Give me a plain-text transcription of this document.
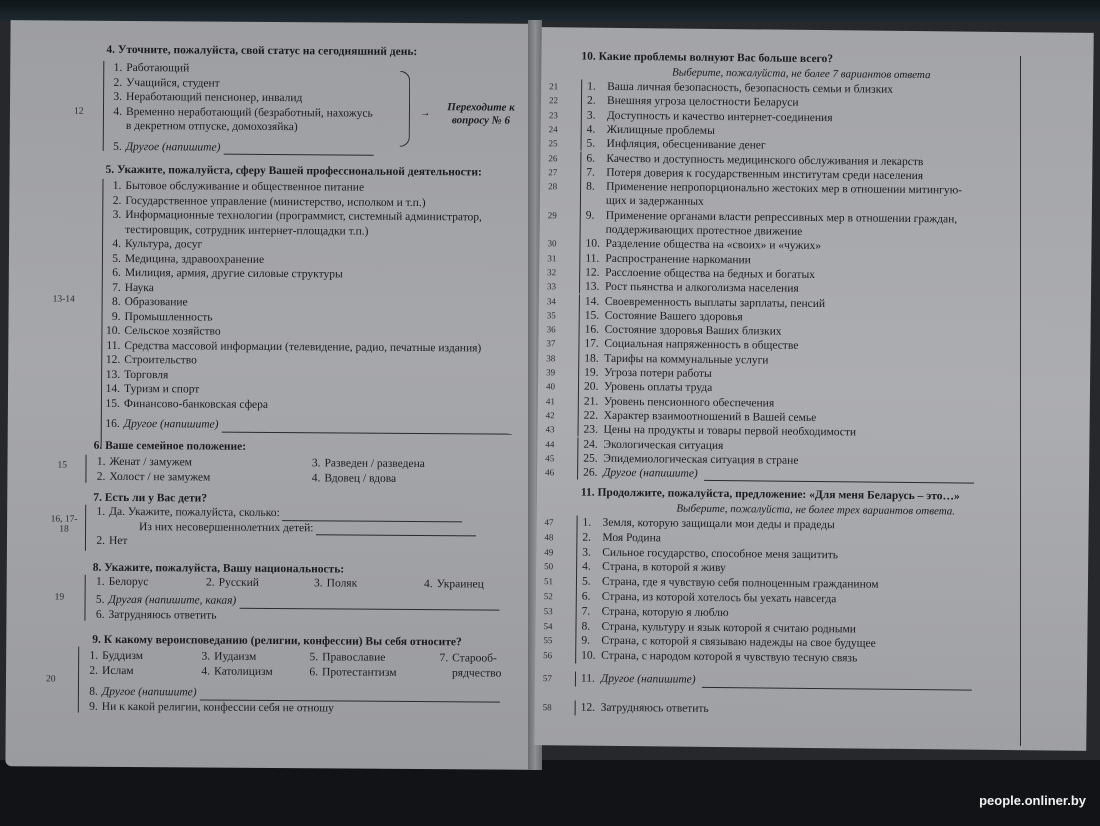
4. Уточните, пожалуйста, свой статус на сегодняшний день:
12
1. Работающий
2. Учащийся, студент
3. Неработающий пенсионер, инвалид
4. Временно неработающий (безработный, нахожусь
в декретном отпуске, домохозяйка)
5. Другое (напишите)
→	Переходите к вопросу № 6
5. Укажите, пожалуйста, сферу Вашей профессиональной деятельности:
13-14
1. Бытовое обслуживание и общественное питание
2. Государственное управление (министерство, исполком и т.п.)
3. Информационные технологии (программист, системный администратор,
тестировщик, сотрудник интернет-площадки т.п.)
4. Культура, досуг
5. Медицина, здравоохранение
6. Милиция, армия, другие силовые структуры
7. Наука
8. Образование
9. Промышленность
10. Сельское хозяйство
11. Средства массовой информации (телевидение, радио, печатные издания)
12. Строительство
13. Торговля
14. Туризм и спорт
15. Финансово-банковская сфера
16. Другое (напишите)
6. Ваше семейное положение:
15	1. Женат / замужем	3. Разведен / разведена
2. Холост / не замужем	4. Вдовец / вдова
7. Есть ли у Вас дети?
16, 17-18
1. Да. Укажите, пожалуйста, сколько:
Из них несовершеннолетних детей:
2. Нет
8. Укажите, пожалуйста, Вашу национальность:
19
1. Белорус	2. Русский	3. Поляк	4. Украинец
5. Другая (напишите, какая)
6. Затрудняюсь ответить
9. К какому вероисповеданию (религии, конфессии) Вы себя относите?
20
1. Буддизм	3. Иудаизм	5. Православие	7. Староoб-
2. Ислам	4. Католицизм	6. Протестантизм	рядчество
8. Другое (напишите)
9. Ни к какой религии, конфессии себя не отношу
10. Какие проблемы волнуют Вас больше всего?
Выберите, пожалуйста, не более 7 вариантов ответа
21	1. Ваша личная безопасность, безопасность семьи и близких
22	2. Внешняя угроза целостности Беларуси
23	3. Доступность и качество интернет-соединения
24	4. Жилищные проблемы
25	5. Инфляция, обесценивание денег
26	6. Качество и доступность медицинского обслуживания и лекарств
27	7. Потеря доверия к государственным институтам среди населения
28	8. Применение непропорционально жестоких мер в отношении митингую-
щих и задержанных
29	9. Применение органами власти репрессивных мер в отношении граждан,
поддерживающих протестное движение
30	10. Разделение общества на «своих» и «чужих»
31	11. Распространение наркомании
32	12. Расслоение общества на бедных и богатых
33	13. Рост пьянства и алкоголизма населения
34	14. Своевременность выплаты зарплаты, пенсий
35	15. Состояние Вашего здоровья
36	16. Состояние здоровья Ваших близких
37	17. Социальная напряженность в обществе
38	18. Тарифы на коммунальные услуги
39	19. Угроза потери работы
40	20. Уровень оплаты труда
41	21. Уровень пенсионного обеспечения
42	22. Характер взаимоотношений в Вашей семье
43	23. Цены на продукты и товары первой необходимости
44	24. Экологическая ситуация
45	25. Эпидемиологическая ситуация в стране
46	26. Другое (напишите)
11. Продолжите, пожалуйста, предложение: «Для меня Беларусь – это…»
Выберите, пожалуйста, не более трех вариантов ответа.
47	1. Земля, которую защищали мои деды и прадеды
48	2. Моя Родина
49	3. Сильное государство, способное меня защитить
50	4. Страна, в которой я живу
51	5. Страна, где я чувствую себя полноценным гражданином
52	6. Страна, из которой хотелось бы уехать навсегда
53	7. Страна, которую я люблю
54	8. Страна, культуру и язык которой я считаю родными
55	9. Страна, с которой я связываю надежды на свое будущее
56	10. Страна, с народом которой я чувствую тесную связь
57	11. Другое (напишите)
58	12. Затрудняюсь ответить
people.onliner.by
